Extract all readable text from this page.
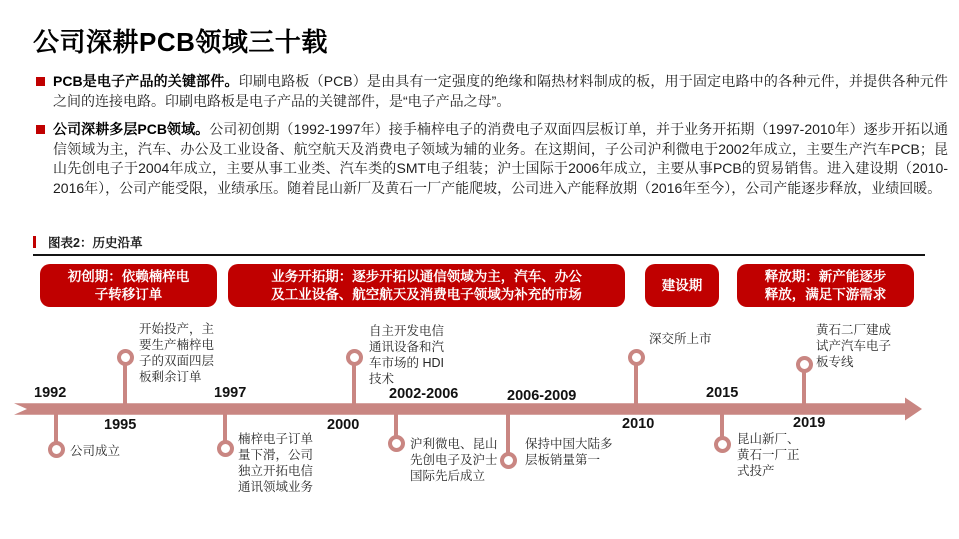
公司深耕PCB领域三十载

PCB是电子产品的关键部件。印刷电路板（PCB）是由具有一定强度的绝缘和隔热材料制成的板，用于固定电路中的各种元件，并提供各种元件之间的连接电路。印刷电路板是电子产品的关键部件，是“电子产品之母”。

公司深耕多层PCB领域。公司初创期（1992-1997年）接手楠梓电子的消费电子双面四层板订单，并于业务开拓期（1997-2010年）逐步开拓以通信领域为主，汽车、办公及工业设备、航空航天及消费电子领域为辅的业务。在这期间，子公司沪利微电于2002年成立，主要生产汽车PCB；昆山先创电子于2004年成立，主要从事工业类、汽车类的SMT电子组装；沪士国际于2006年成立，主要从事PCB的贸易销售。进入建设期（2010-2016年），公司产能受限，业绩承压。随着昆山新厂及黄石一厂产能爬坡，公司进入产能释放期（2016年至今），公司产能逐步释放，业绩回暖。

图表2：历史沿革
初创期：依赖楠梓电子转移订单
业务开拓期：逐步开拓以通信领域为主，汽车、办公及工业设备、航空航天及消费电子领域为补充的市场
建设期
释放期：新产能逐步释放，满足下游需求
1992
1995
1997
2000
2002-2006	2006-2009
2010
2015
2019
开始投产，主要生产楠梓电子的双面四层板剩余订单
自主开发电信通讯设备和汽车市场的 HDI 技术
深交所上市
黄石二厂建成试产汽车电子板专线
公司成立
楠梓电子订单量下滑，公司独立开拓电信通讯领域业务
沪利微电、昆山先创电子及沪士国际先后成立
保持中国大陆多层板销量第一
昆山新厂、黄石一厂正式投产
